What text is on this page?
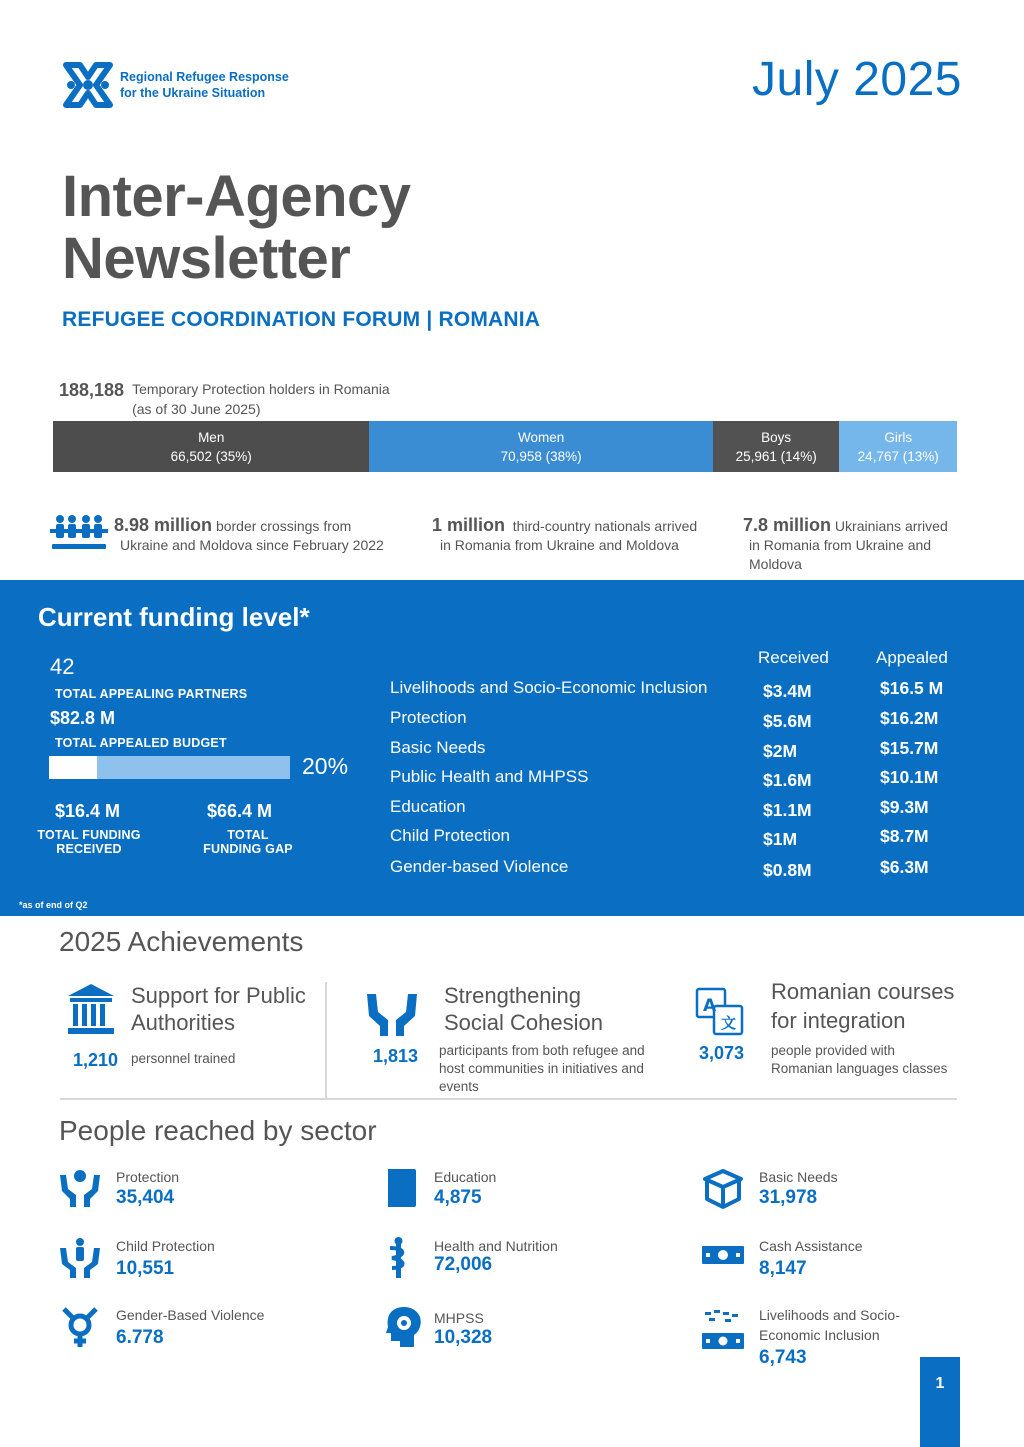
Regional Refugee Response
for the Ukraine Situation	July 2025
Inter-Agency
Newsletter
REFUGEE COORDINATION FORUM | ROMANIA
188,188 Temporary Protection holders in Romania
(as of 30 June 2025)
Men
66,502 (35%)
Women
70,958 (38%)
Boys
25,961 (14%)
Girls
24,767 (13%)
8.98 million border crossings from
Ukraine and Moldova since February 2022
1 million third-country nationals arrived
in Romania from Ukraine and Moldova
7.8 million Ukrainians arrived
in Romania from Ukraine and
Moldova
Current funding level*
42
TOTAL APPEALING PARTNERS
$82.8 M
TOTAL APPEALED BUDGET
20%
$16.4 M
TOTAL FUNDING
RECEIVED
$66.4 M
TOTAL
FUNDING GAP
*as of end of Q2
Received	Appealed
Livelihoods and Socio-Economic Inclusion	$3.4M	$16.5 M
Protection	$5.6M	$16.2M
Basic Needs	$2M	$15.7M
Public Health and MHPSS	$1.6M	$10.1M
Education	$1.1M	$9.3M
Child Protection	$1M	$8.7M
Gender-based Violence	$0.8M	$6.3M
2025 Achievements
Support for Public
Authorities
1,210 personnel trained
Strengthening
Social Cohesion
1,813 participants from both refugee and
host communities in initiatives and
events
A
文
Romanian courses
for integration
3,073 people provided with
Romanian languages classes
People reached by sector
Protection
35,404
Education
4,875
Basic Needs
31,978
Child Protection
10,551
Health and Nutrition
72,006
Cash Assistance
8,147
Gender-Based Violence
6.778
MHPSS
10,328
Livelihoods and Socio-
Economic Inclusion
6,743
1
